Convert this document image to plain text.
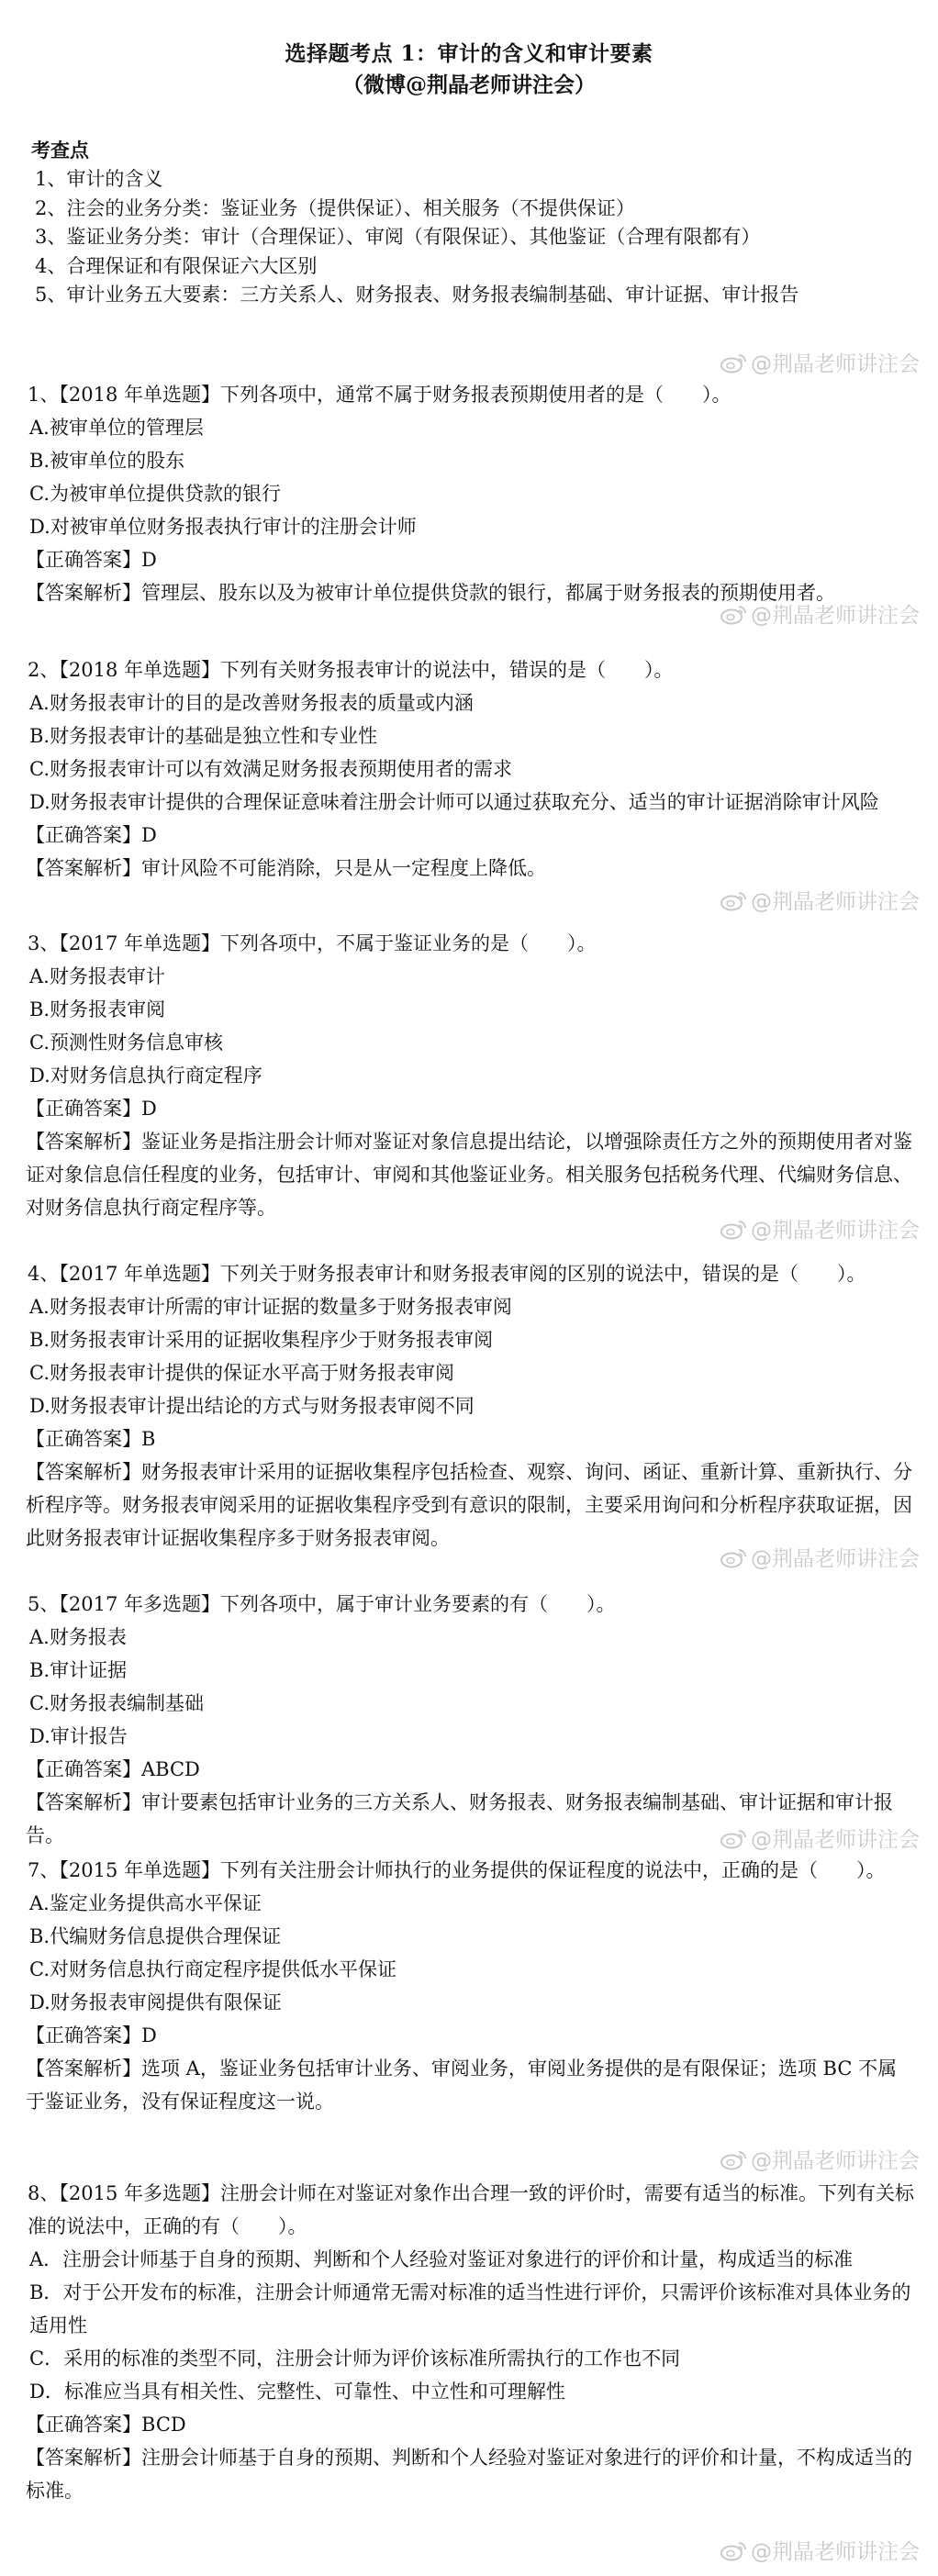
选择题考点 1：审计的含义和审计要素
（微博@荆晶老师讲注会）
考查点
1、审计的含义
2、注会的业务分类：鉴证业务（提供保证）、相关服务（不提供保证）
3、鉴证业务分类：审计（合理保证）、审阅（有限保证）、其他鉴证（合理有限都有）
4、合理保证和有限保证六大区别
5、审计业务五大要素：三方关系人、财务报表、财务报表编制基础、审计证据、审计报告
1、【2018 年单选题】下列各项中，通常不属于财务报表预期使用者的是（　　）。
A.被审单位的管理层
B.被审单位的股东
C.为被审单位提供贷款的银行
D.对被审单位财务报表执行审计的注册会计师
【正确答案】D
【答案解析】管理层、股东以及为被审计单位提供贷款的银行，都属于财务报表的预期使用者。
2、【2018 年单选题】下列有关财务报表审计的说法中，错误的是（　　）。
A.财务报表审计的目的是改善财务报表的质量或内涵
B.财务报表审计的基础是独立性和专业性
C.财务报表审计可以有效满足财务报表预期使用者的需求
D.财务报表审计提供的合理保证意味着注册会计师可以通过获取充分、适当的审计证据消除审计风险
【正确答案】D
【答案解析】审计风险不可能消除，只是从一定程度上降低。
3、【2017 年单选题】下列各项中，不属于鉴证业务的是（　　）。
A.财务报表审计
B.财务报表审阅
C.预测性财务信息审核
D.对财务信息执行商定程序
【正确答案】D
【答案解析】鉴证业务是指注册会计师对鉴证对象信息提出结论，以增强除责任方之外的预期使用者对鉴证对象信息信任程度的业务，包括审计、审阅和其他鉴证业务。相关服务包括税务代理、代编财务信息、对财务信息执行商定程序等。
4、【2017 年单选题】下列关于财务报表审计和财务报表审阅的区别的说法中，错误的是（　　）。
A.财务报表审计所需的审计证据的数量多于财务报表审阅
B.财务报表审计采用的证据收集程序少于财务报表审阅
C.财务报表审计提供的保证水平高于财务报表审阅
D.财务报表审计提出结论的方式与财务报表审阅不同
【正确答案】B
【答案解析】财务报表审计采用的证据收集程序包括检查、观察、询问、函证、重新计算、重新执行、分析程序等。财务报表审阅采用的证据收集程序受到有意识的限制，主要采用询问和分析程序获取证据，因此财务报表审计证据收集程序多于财务报表审阅。
5、【2017 年多选题】下列各项中，属于审计业务要素的有（　　）。
A.财务报表
B.审计证据
C.财务报表编制基础
D.审计报告
【正确答案】ABCD
【答案解析】审计要素包括审计业务的三方关系人、财务报表、财务报表编制基础、审计证据和审计报告。
7、【2015 年单选题】下列有关注册会计师执行的业务提供的保证程度的说法中，正确的是（　　）。
A.鉴定业务提供高水平保证
B.代编财务信息提供合理保证
C.对财务信息执行商定程序提供低水平保证
D.财务报表审阅提供有限保证
【正确答案】D
【答案解析】选项 A，鉴证业务包括审计业务、审阅业务，审阅业务提供的是有限保证；选项 BC 不属于鉴证业务，没有保证程度这一说。
8、【2015 年多选题】注册会计师在对鉴证对象作出合理一致的评价时，需要有适当的标准。下列有关标准的说法中，正确的有（　　）。
A．注册会计师基于自身的预期、判断和个人经验对鉴证对象进行的评价和计量，构成适当的标准
B．对于公开发布的标准，注册会计师通常无需对标准的适当性进行评价，只需评价该标准对具体业务的适用性
C．采用的标准的类型不同，注册会计师为评价该标准所需执行的工作也不同
D．标准应当具有相关性、完整性、可靠性、中立性和可理解性
【正确答案】BCD
【答案解析】注册会计师基于自身的预期、判断和个人经验对鉴证对象进行的评价和计量，不构成适当的标准。
@荆晶老师讲注会
@荆晶老师讲注会
@荆晶老师讲注会
@荆晶老师讲注会
@荆晶老师讲注会
@荆晶老师讲注会
@荆晶老师讲注会
@荆晶老师讲注会
